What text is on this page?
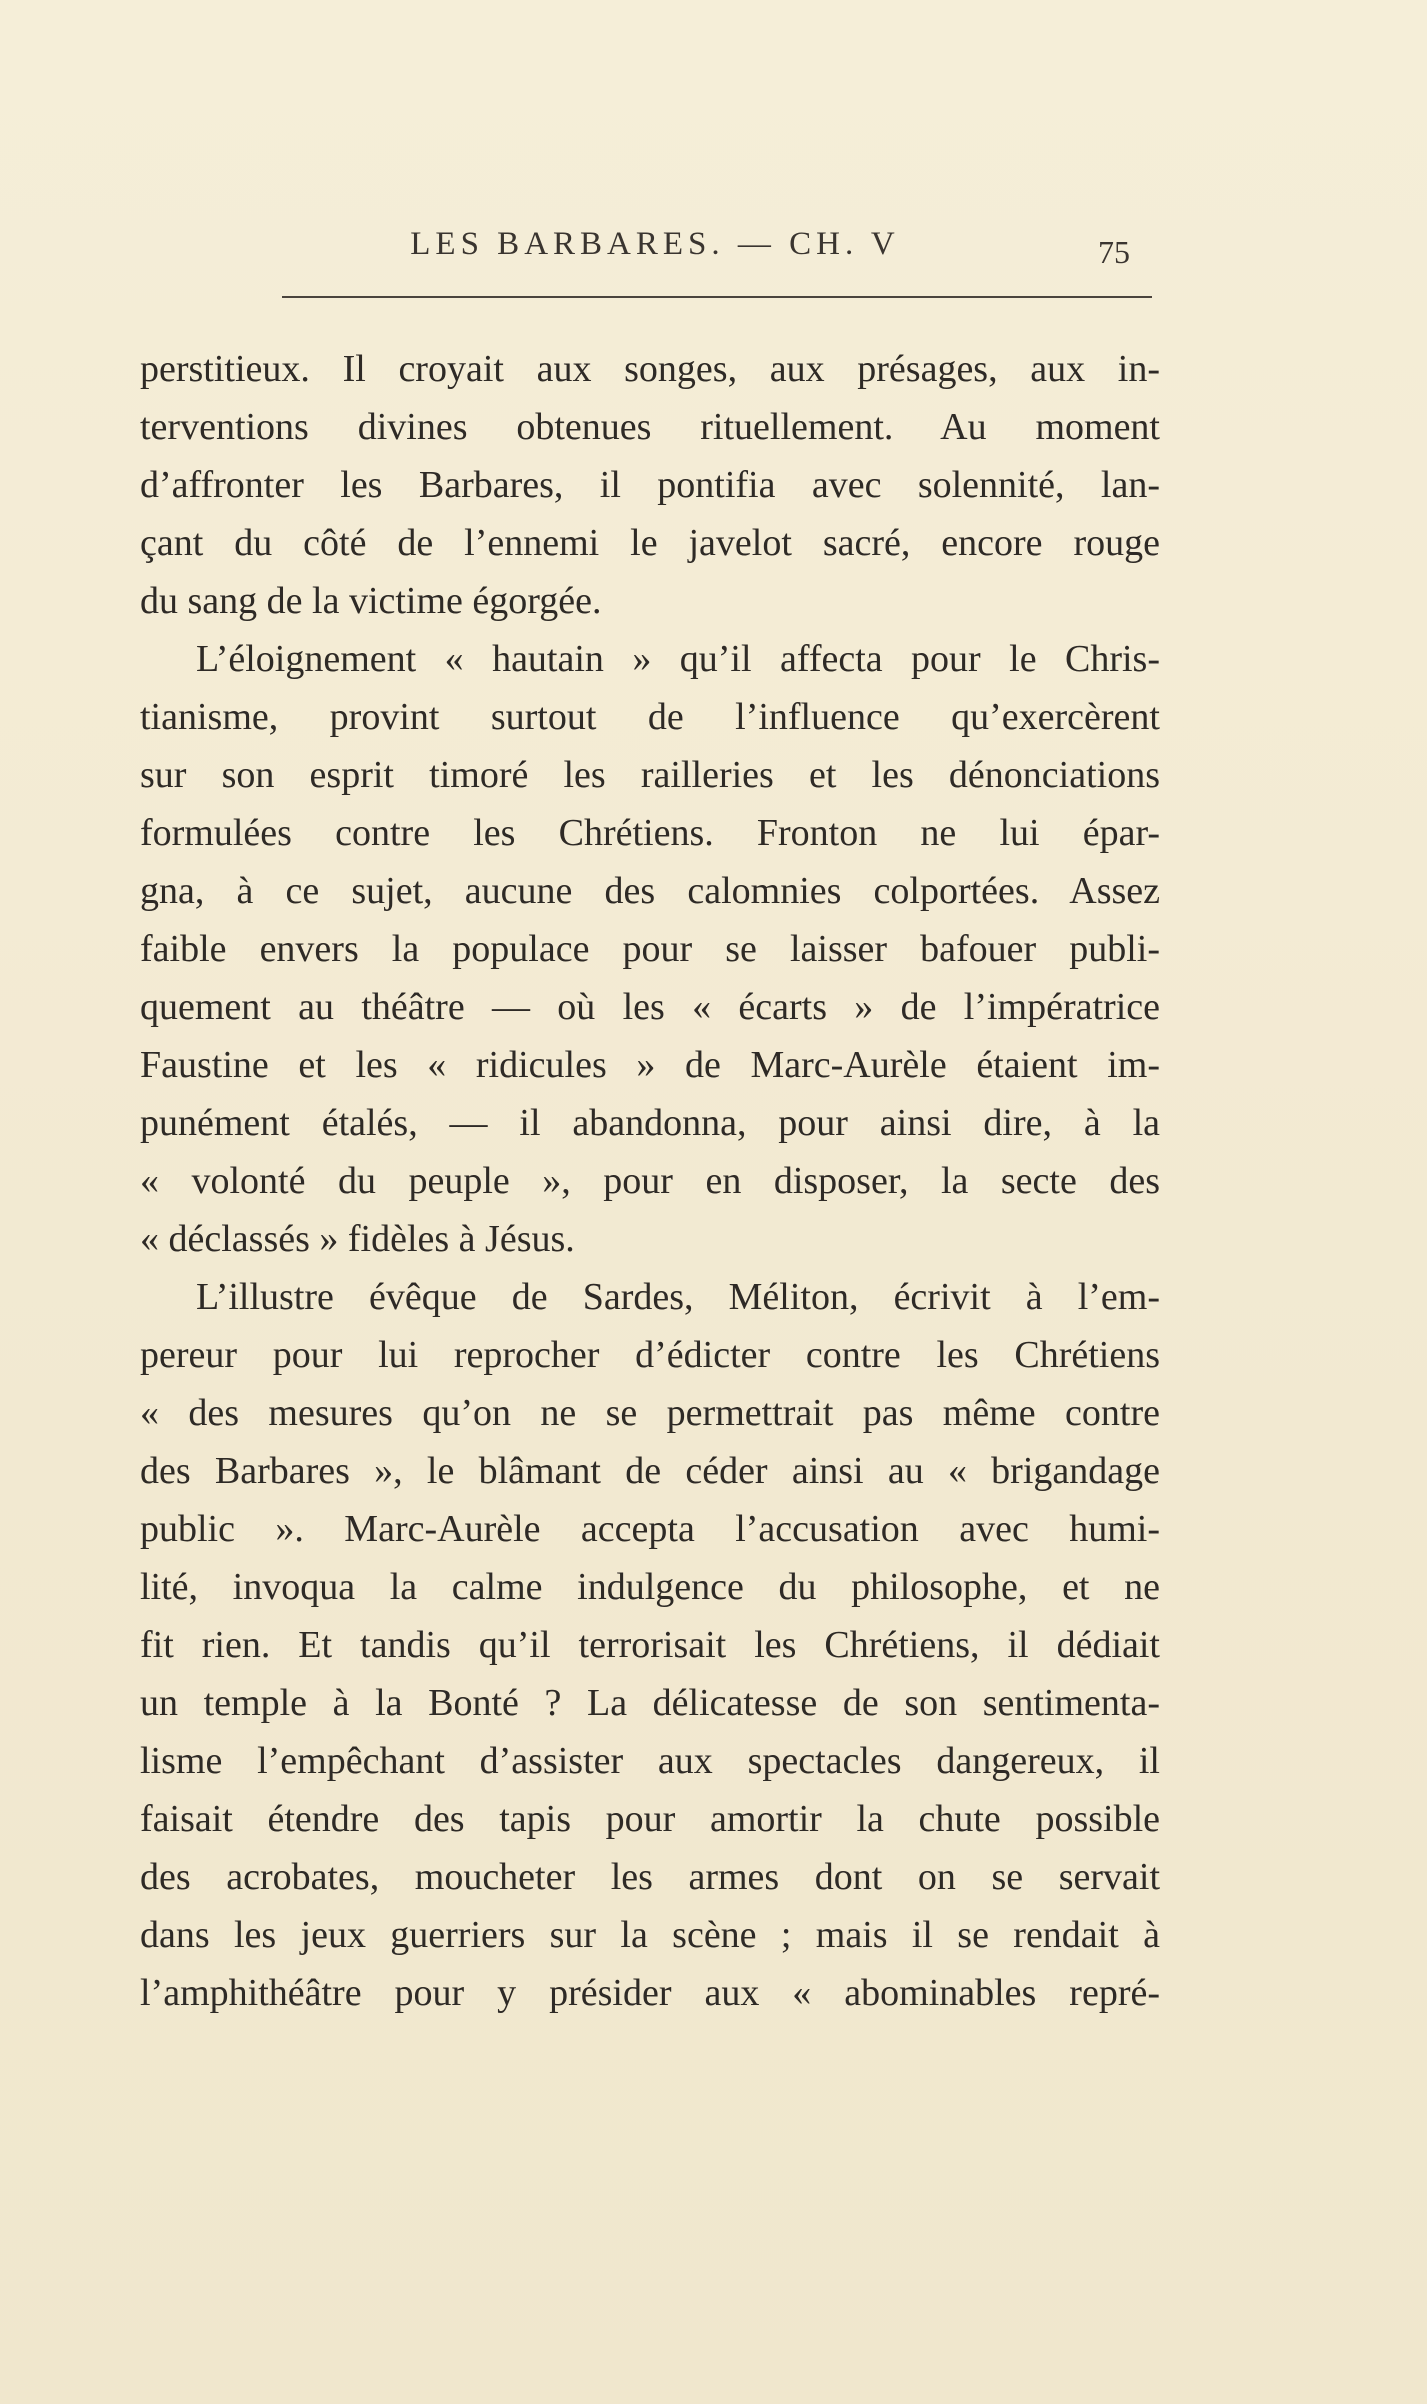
LES BARBARES. — CH. V	75
perstitieux. Il croyait aux songes, aux présages, aux in-
terventions divines obtenues rituellement. Au moment
d’affronter les Barbares, il pontifia avec solennité, lan-
çant du côté de l’ennemi le javelot sacré, encore rouge
du sang de la victime égorgée.
L’éloignement « hautain » qu’il affecta pour le Chris-
tianisme, provint surtout de l’influence qu’exercèrent
sur son esprit timoré les railleries et les dénonciations
formulées contre les Chrétiens. Fronton ne lui épar-
gna, à ce sujet, aucune des calomnies colportées. Assez
faible envers la populace pour se laisser bafouer publi-
quement au théâtre — où les « écarts » de l’impératrice
Faustine et les « ridicules » de Marc-Aurèle étaient im-
punément étalés, — il abandonna, pour ainsi dire, à la
« volonté du peuple », pour en disposer, la secte des
« déclassés » fidèles à Jésus.
L’illustre évêque de Sardes, Méliton, écrivit à l’em-
pereur pour lui reprocher d’édicter contre les Chrétiens
« des mesures qu’on ne se permettrait pas même contre
des Barbares », le blâmant de céder ainsi au « brigandage
public ». Marc-Aurèle accepta l’accusation avec humi-
lité, invoqua la calme indulgence du philosophe, et ne
fit rien. Et tandis qu’il terrorisait les Chrétiens, il dédiait
un temple à la Bonté ? La délicatesse de son sentimenta-
lisme l’empêchant d’assister aux spectacles dangereux, il
faisait étendre des tapis pour amortir la chute possible
des acrobates, moucheter les armes dont on se servait
dans les jeux guerriers sur la scène ; mais il se rendait à
l’amphithéâtre pour y présider aux « abominables repré-
